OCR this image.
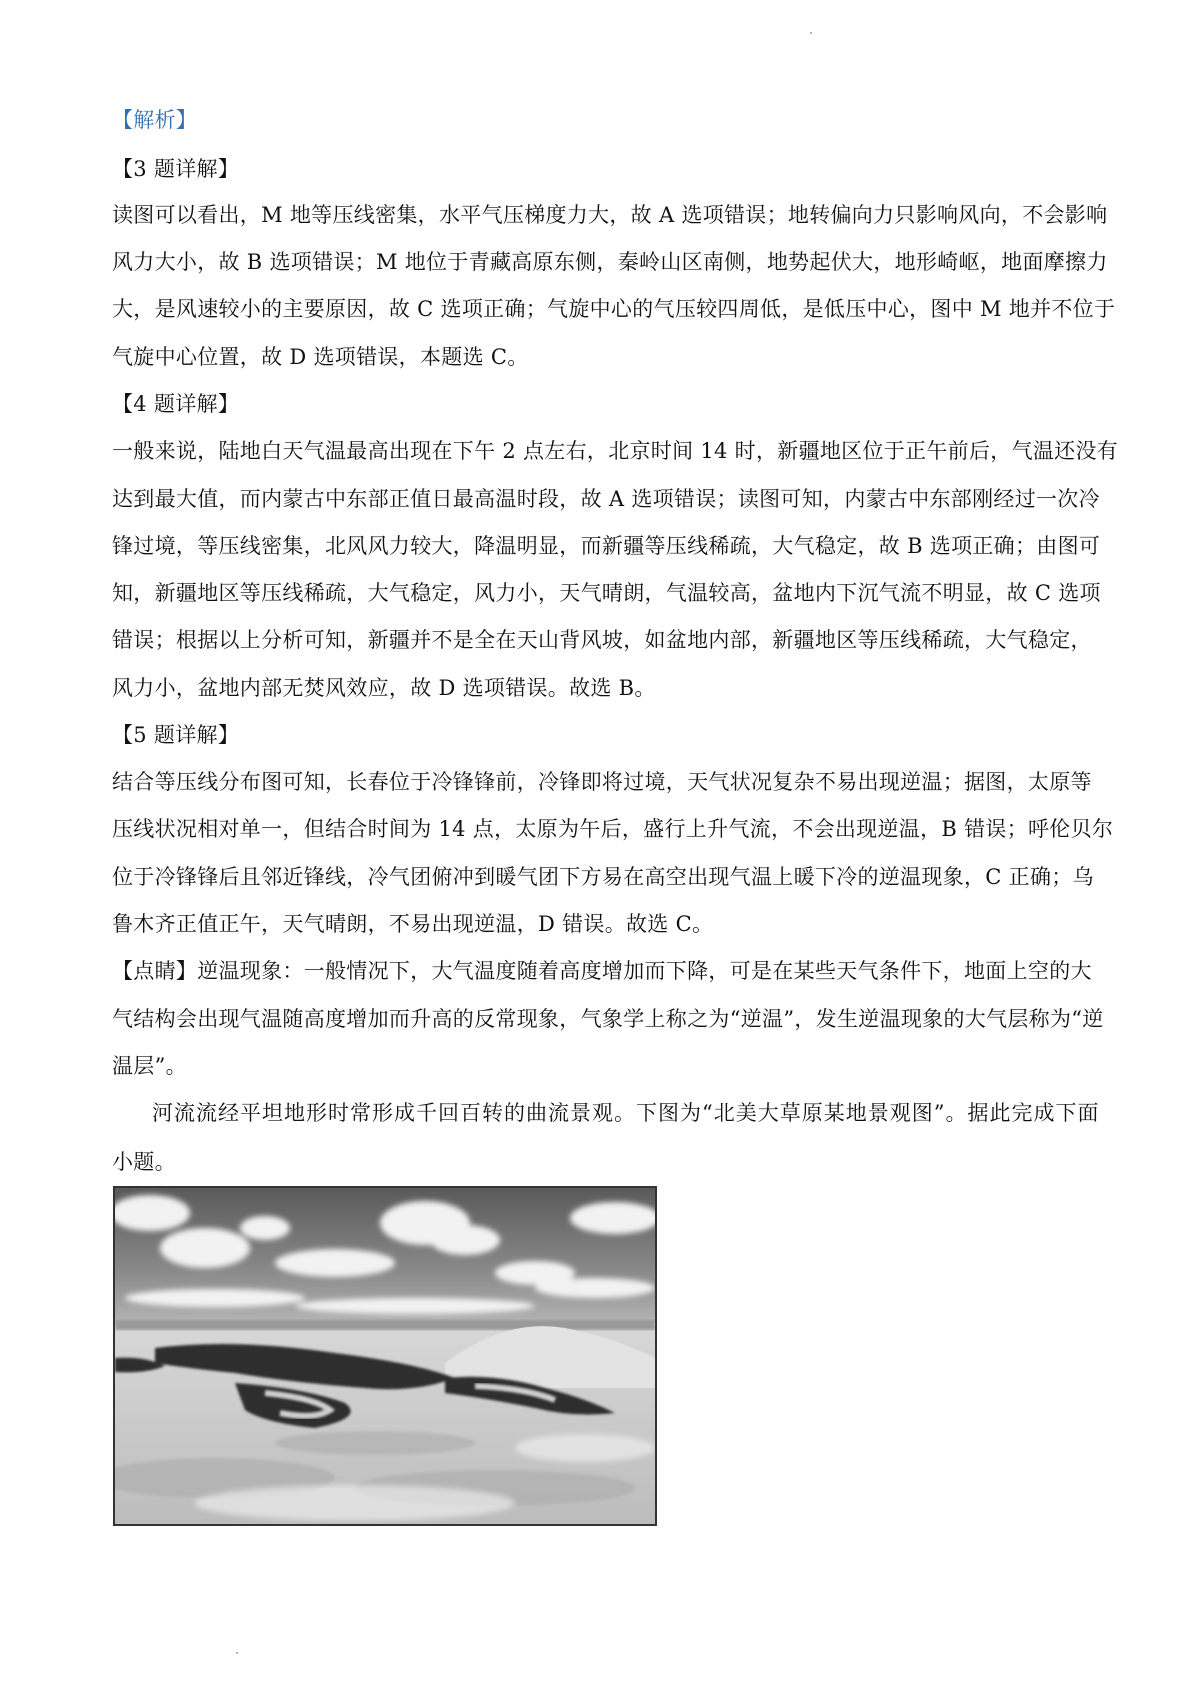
【解析】
【3 题详解】
读图可以看出，M 地等压线密集，水平气压梯度力大，故 A 选项错误；地转偏向力只影响风向，不会影响
风力大小，故 B 选项错误；M 地位于青藏高原东侧，秦岭山区南侧，地势起伏大，地形崎岖，地面摩擦力
大，是风速较小的主要原因，故 C 选项正确；气旋中心的气压较四周低，是低压中心，图中 M 地并不位于
气旋中心位置，故 D 选项错误，本题选 C。
【4 题详解】
一般来说，陆地白天气温最高出现在下午 2 点左右，北京时间 14 时，新疆地区位于正午前后，气温还没有
达到最大值，而内蒙古中东部正值日最高温时段，故 A 选项错误；读图可知，内蒙古中东部刚经过一次冷
锋过境，等压线密集，北风风力较大，降温明显，而新疆等压线稀疏，大气稳定，故 B 选项正确；由图可
知，新疆地区等压线稀疏，大气稳定，风力小，天气晴朗，气温较高，盆地内下沉气流不明显，故 C 选项
错误；根据以上分析可知，新疆并不是全在天山背风坡，如盆地内部，新疆地区等压线稀疏，大气稳定，
风力小，盆地内部无焚风效应，故 D 选项错误。故选 B。
【5 题详解】
结合等压线分布图可知，长春位于冷锋锋前，冷锋即将过境，天气状况复杂不易出现逆温；据图，太原等
压线状况相对单一，但结合时间为 14 点，太原为午后，盛行上升气流，不会出现逆温，B 错误；呼伦贝尔
位于冷锋锋后且邻近锋线，冷气团俯冲到暖气团下方易在高空出现气温上暖下冷的逆温现象，C 正确；乌
鲁木齐正值正午，天气晴朗，不易出现逆温，D 错误。故选 C。
【点睛】逆温现象：一般情况下，大气温度随着高度增加而下降，可是在某些天气条件下，地面上空的大
气结构会出现气温随高度增加而升高的反常现象，气象学上称之为“逆温”，发生逆温现象的大气层称为“逆
温层”。
河流流经平坦地形时常形成千回百转的曲流景观。下图为“北美大草原某地景观图”。据此完成下面
小题。
